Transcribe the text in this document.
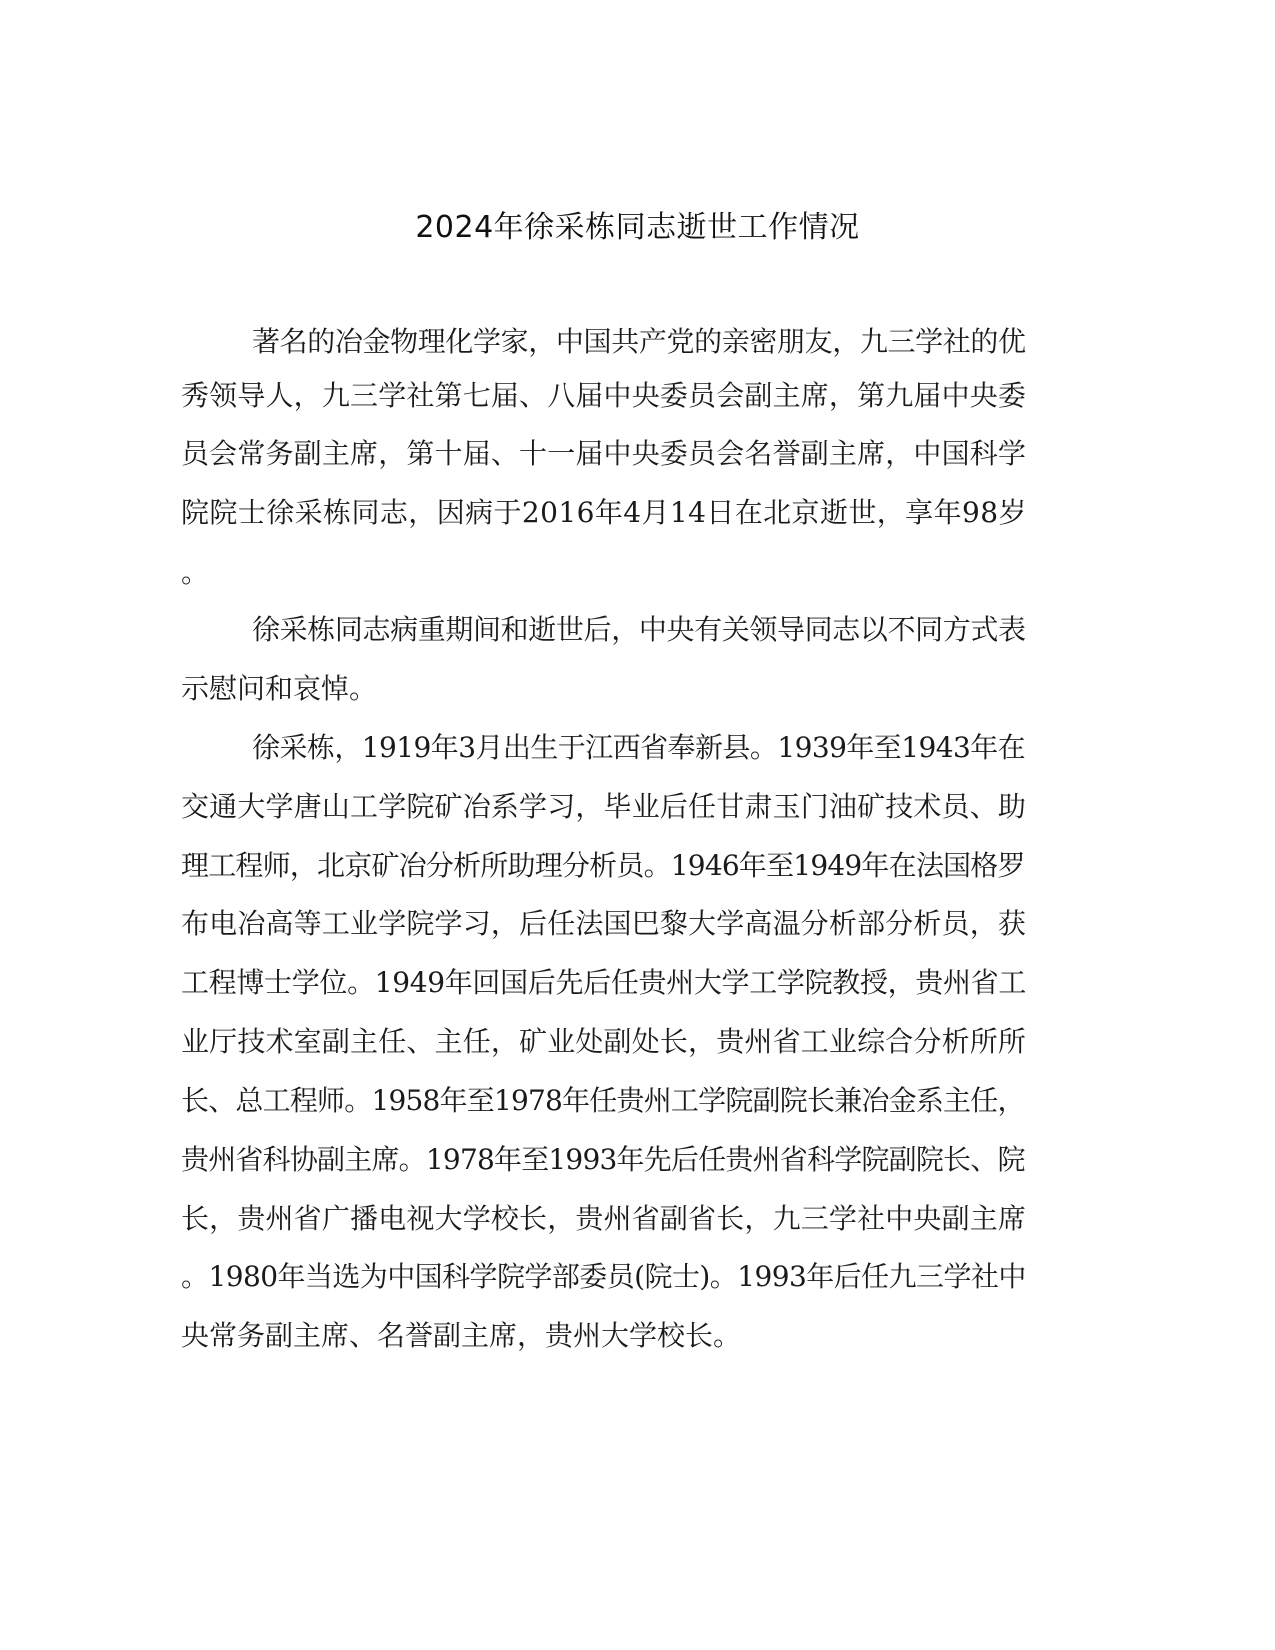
2024年徐采栋同志逝世工作情况
著名的冶金物理化学家，中国共产党的亲密朋友，九三学社的优
秀领导人，九三学社第七届、八届中央委员会副主席，第九届中央委
员会常务副主席，第十届、十一届中央委员会名誉副主席，中国科学
院院士徐采栋同志，因病于2016年4月14日在北京逝世，享年98岁
。
徐采栋同志病重期间和逝世后，中央有关领导同志以不同方式表
示慰问和哀悼。
徐采栋，1919年3月出生于江西省奉新县。1939年至1943年在
交通大学唐山工学院矿冶系学习，毕业后任甘肃玉门油矿技术员、助
理工程师，北京矿冶分析所助理分析员。1946年至1949年在法国格罗
布电冶高等工业学院学习，后任法国巴黎大学高温分析部分析员，获
工程博士学位。1949年回国后先后任贵州大学工学院教授，贵州省工
业厅技术室副主任、主任，矿业处副处长，贵州省工业综合分析所所
长、总工程师。1958年至1978年任贵州工学院副院长兼冶金系主任，
贵州省科协副主席。1978年至1993年先后任贵州省科学院副院长、院
长，贵州省广播电视大学校长，贵州省副省长，九三学社中央副主席
。1980年当选为中国科学院学部委员(院士)。1993年后任九三学社中
央常务副主席、名誉副主席，贵州大学校长。
